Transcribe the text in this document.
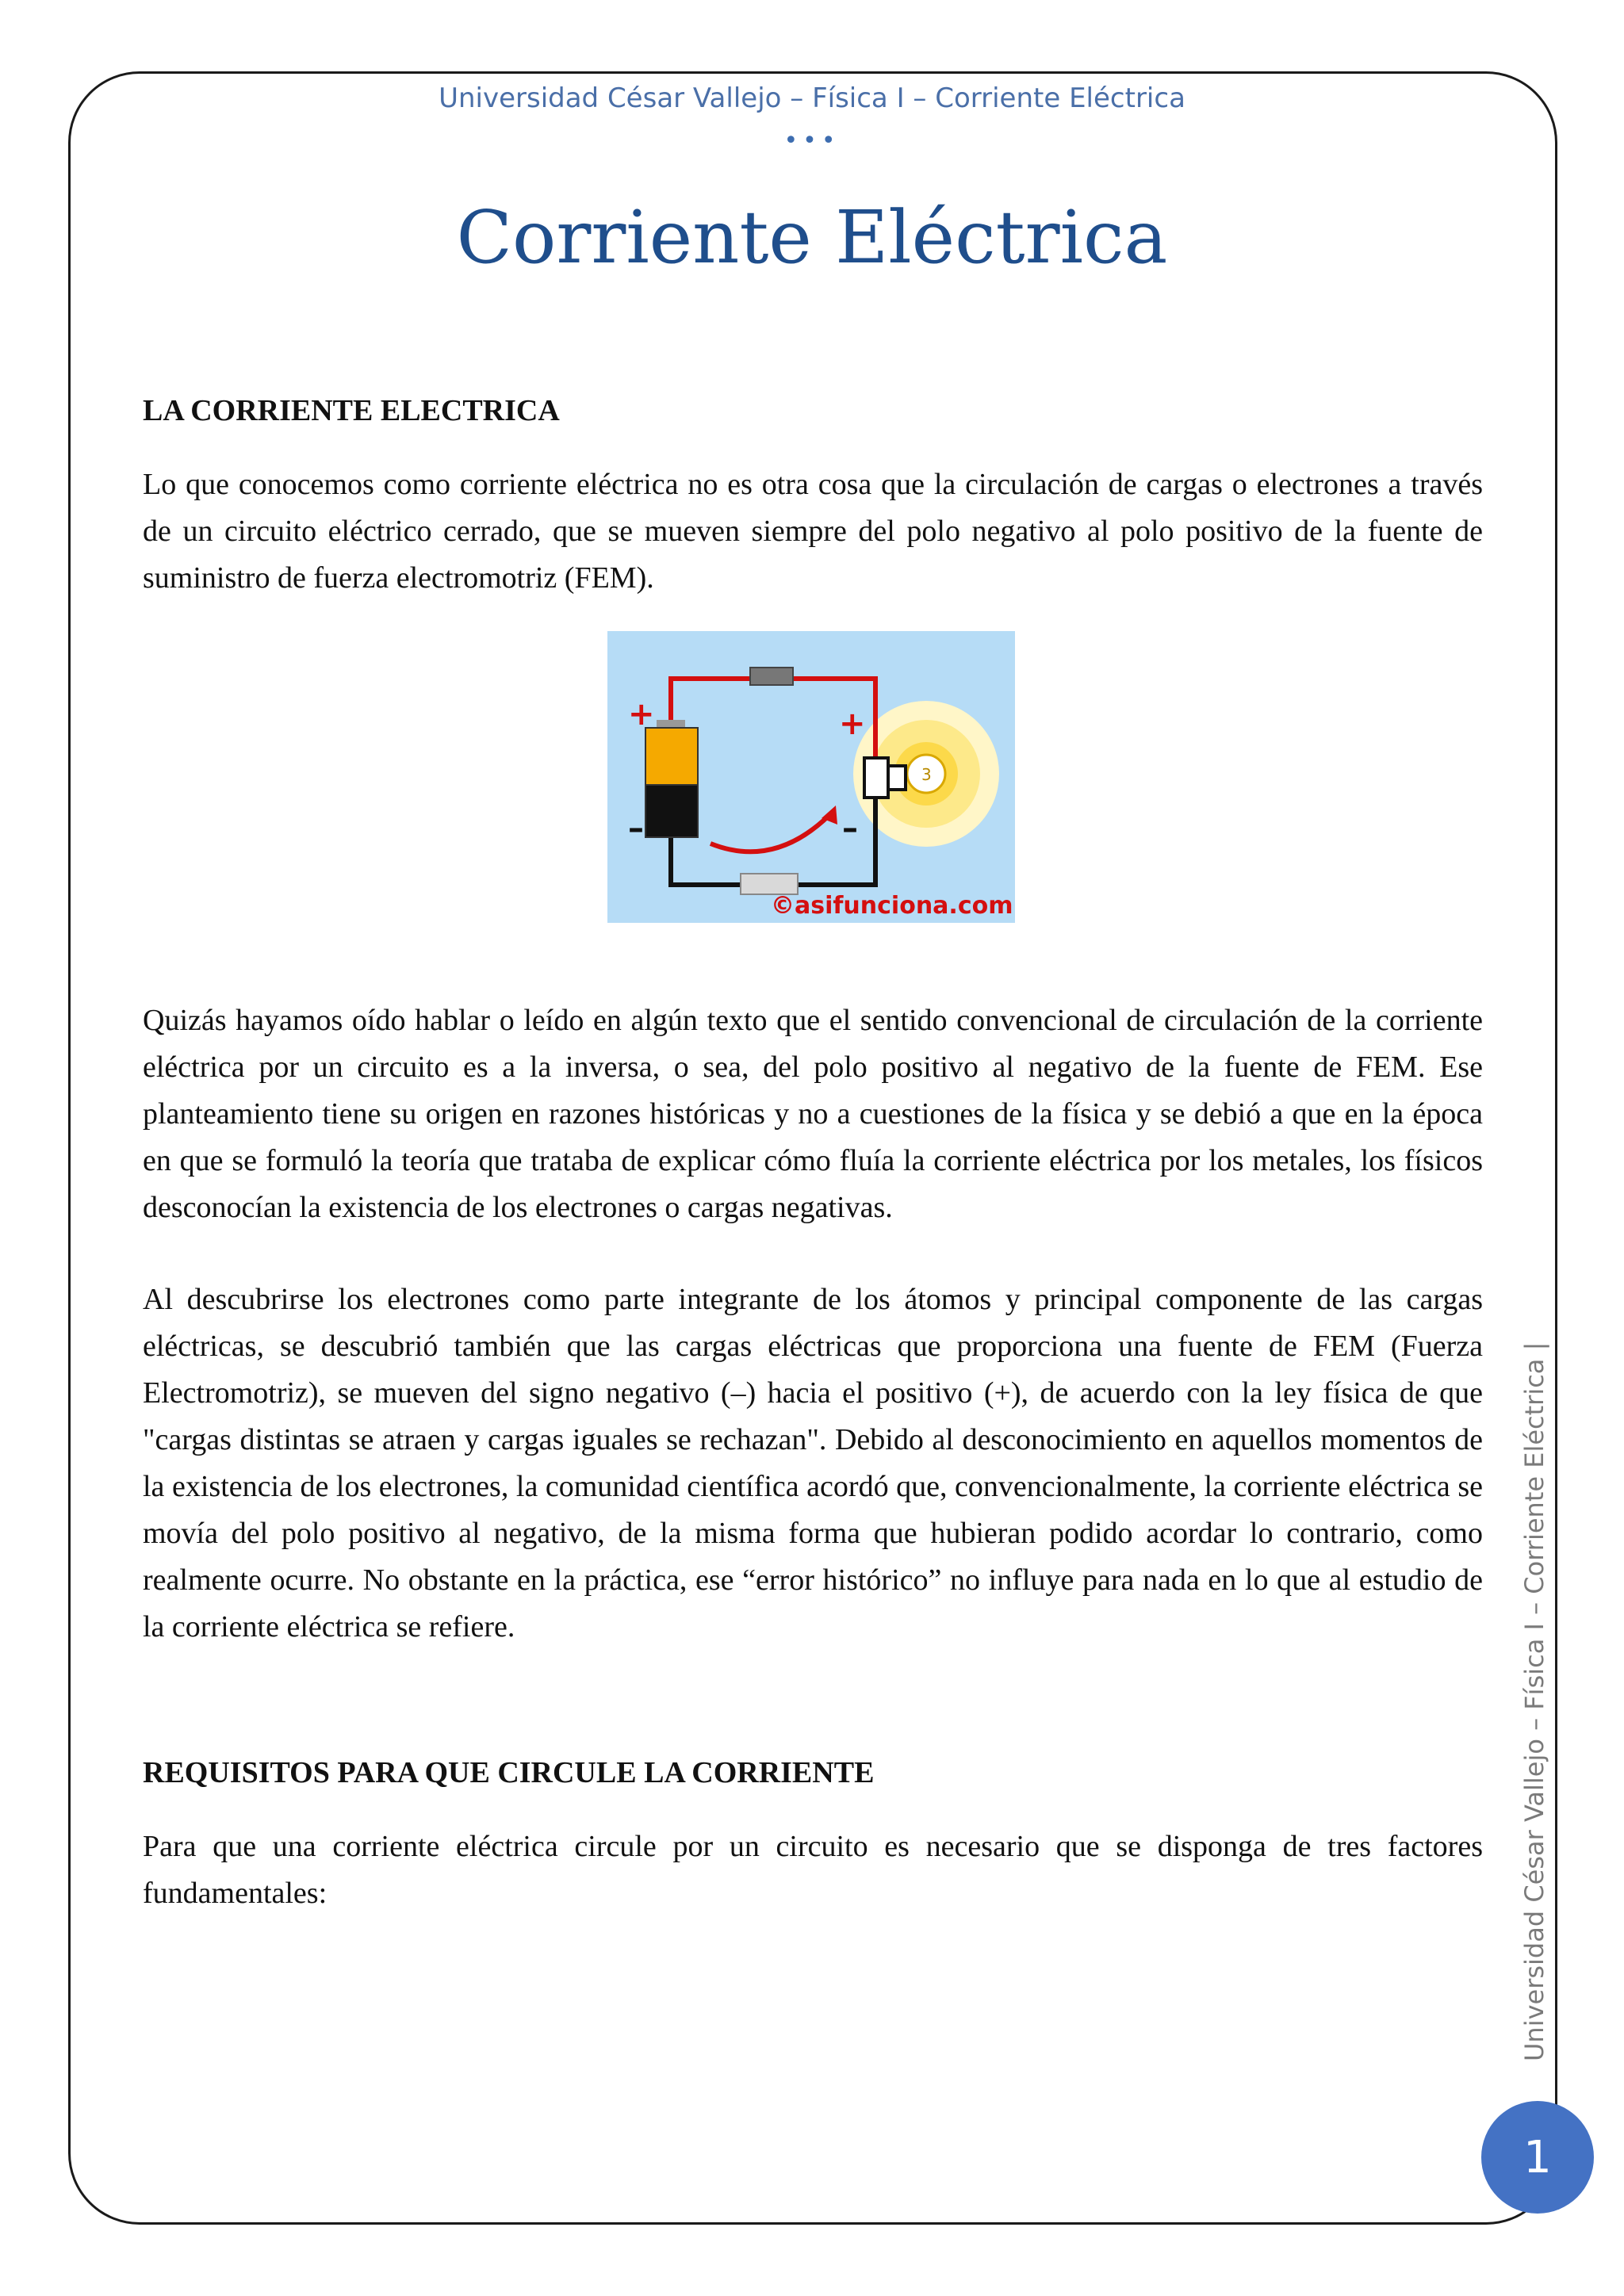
Universidad César Vallejo – Física I – Corriente Eléctrica
•••
Corriente Eléctrica
LA CORRIENTE ELECTRICA

Lo que conocemos como corriente eléctrica no es otra cosa que la circulación de cargas o electrones a través de un circuito eléctrico cerrado, que se mueven siempre del polo negativo al polo positivo de la fuente de suministro de fuerza electromotriz (FEM).

+
–
+
–
3
©asifunciona.com

Quizás hayamos oído hablar o leído en algún texto que el sentido convencional de circulación de la corriente eléctrica por un circuito es a la inversa, o sea, del polo positivo al negativo de la fuente de FEM. Ese planteamiento tiene su origen en razones históricas y no a cuestiones de la física y se debió a que en la época en que se formuló la teoría que trataba de explicar cómo fluía la corriente eléctrica por los metales, los físicos desconocían la existencia de los electrones o cargas negativas.

Al descubrirse los electrones como parte integrante de los átomos y principal componente de las cargas eléctricas, se descubrió también que las cargas eléctricas que proporciona una fuente de FEM (Fuerza Electromotriz), se mueven del signo negativo (–) hacia el positivo (+), de acuerdo con la ley física de que "cargas distintas se atraen y cargas iguales se rechazan". Debido al desconocimiento en aquellos momentos de la existencia de los electrones, la comunidad científica acordó que, convencionalmente, la corriente eléctrica se movía del polo positivo al negativo, de la misma forma que hubieran podido acordar lo contrario, como realmente ocurre. No obstante en la práctica, ese “error histórico” no influye para nada en lo que al estudio de la corriente eléctrica se refiere.

REQUISITOS PARA QUE CIRCULE LA CORRIENTE

Para que una corriente eléctrica circule por un circuito es necesario que se disponga de tres factores fundamentales:	Universidad César Vallejo – Física I – Corriente Eléctrica |
1
